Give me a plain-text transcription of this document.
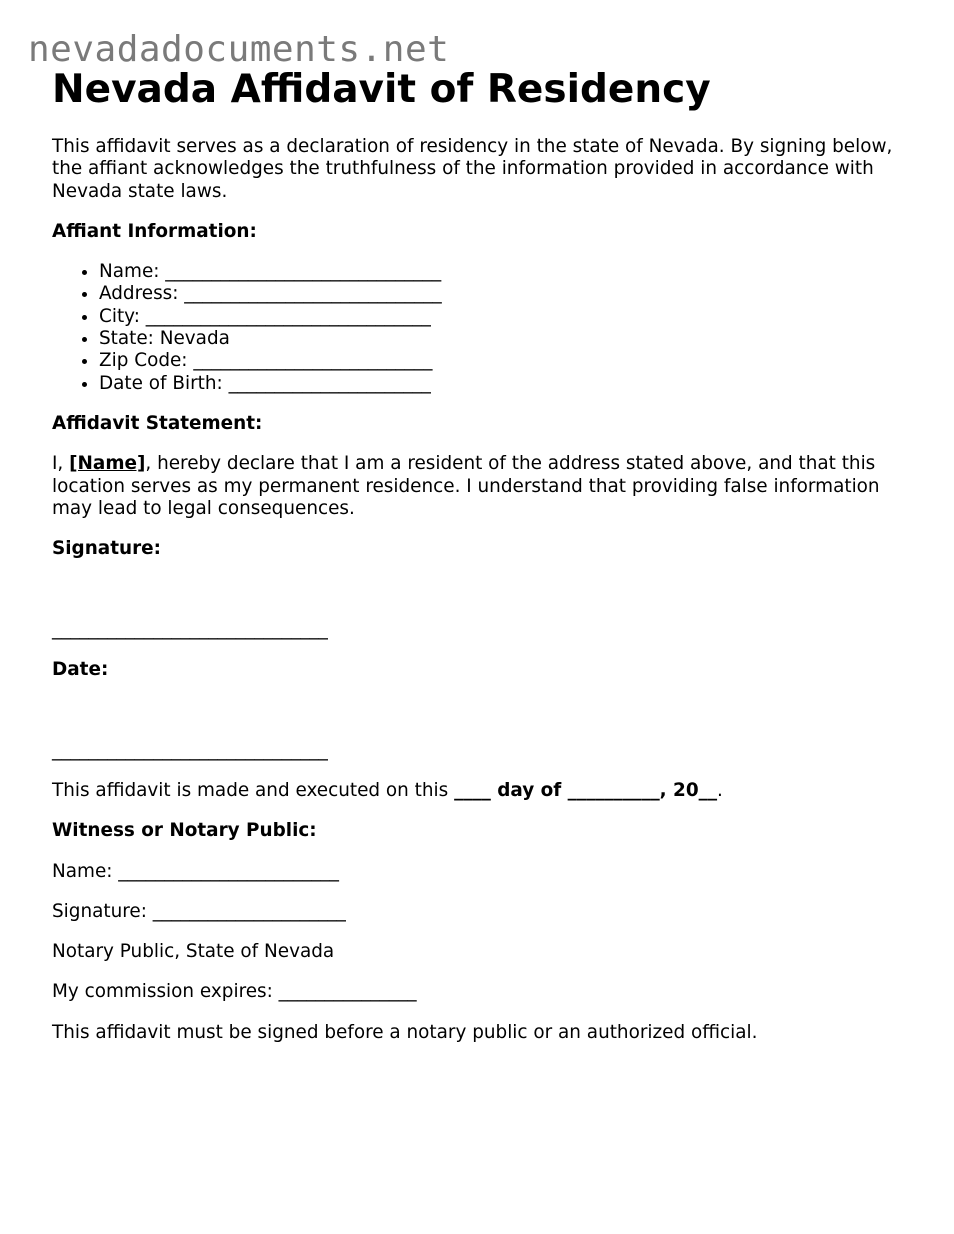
nevadadocuments.net
Nevada Affidavit of Residency

This affidavit serves as a declaration of residency in the state of Nevada. By signing below, the affiant acknowledges the truthfulness of the information provided in accordance with Nevada state laws.

Affiant Information:

• Name: ______________________________
• Address: ____________________________
• City: _______________________________
• State: Nevada
• Zip Code: __________________________
• Date of Birth: ______________________

Affidavit Statement:

I, [Name], hereby declare that I am a resident of the address stated above, and that this location serves as my permanent residence. I understand that providing false information may lead to legal consequences.

Signature:

______________________________

Date:

______________________________

This affidavit is made and executed on this ____ day of __________, 20__.

Witness or Notary Public:

Name: ________________________

Signature: _____________________

Notary Public, State of Nevada

My commission expires: _______________

This affidavit must be signed before a notary public or an authorized official.
